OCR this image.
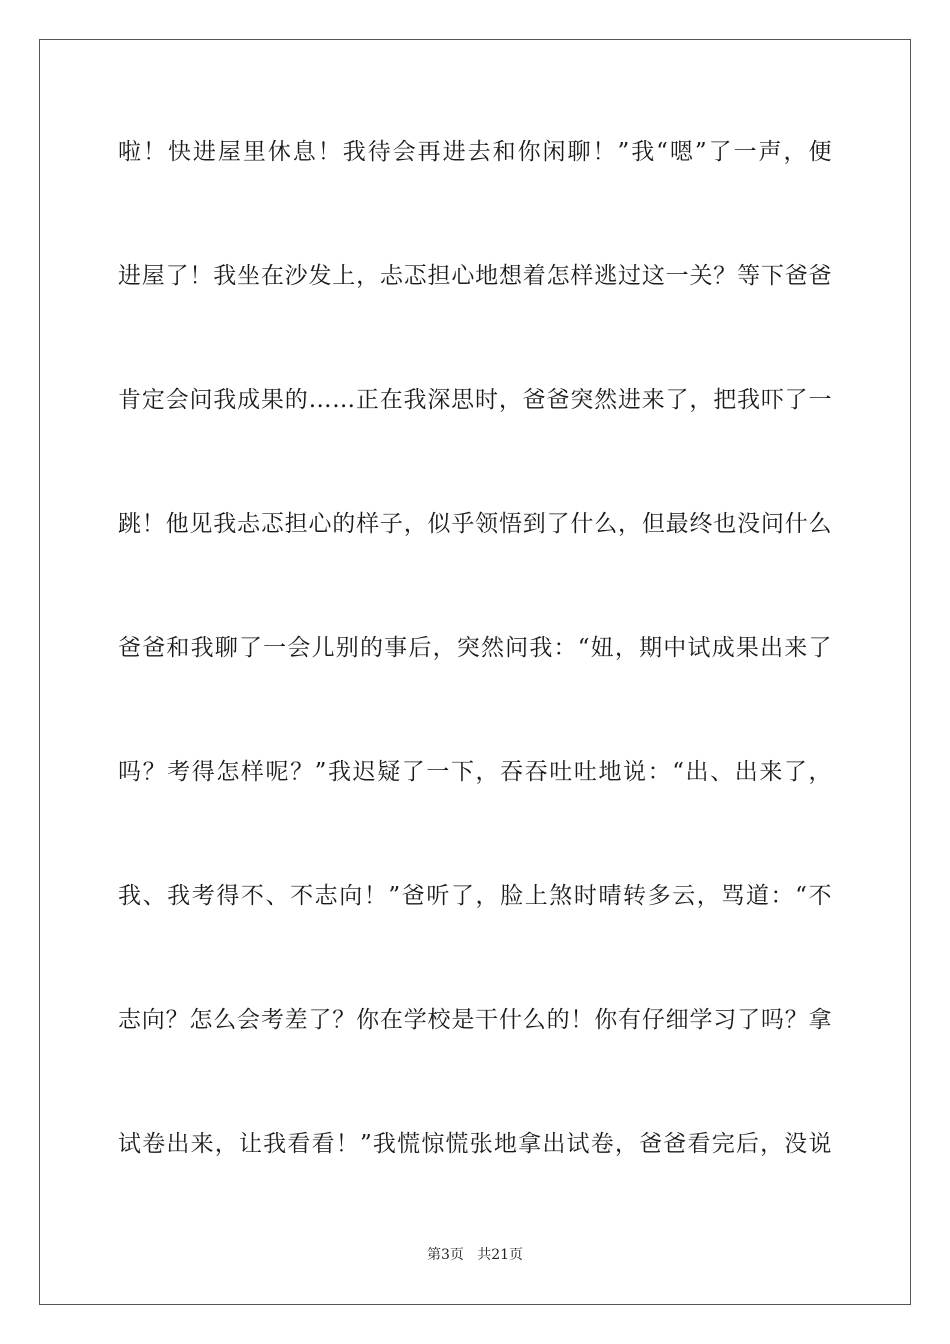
啦！快进屋里休息！我待会再进去和你闲聊！”我“嗯”了一声，便
进屋了！我坐在沙发上，忐忑担心地想着怎样逃过这一关？等下爸爸
肯定会问我成果的……正在我深思时，爸爸突然进来了，把我吓了一
跳！他见我忐忑担心的样子，似乎领悟到了什么，但最终也没问什么
爸爸和我聊了一会儿别的事后，突然问我：“妞，期中试成果出来了
吗？考得怎样呢？”我迟疑了一下，吞吞吐吐地说：“出、出来了，
我、我考得不、不志向！”爸听了，脸上煞时晴转多云，骂道：“不
志向？怎么会考差了？你在学校是干什么的！你有仔细学习了吗？拿
试卷出来，让我看看！”我慌惊慌张地拿出试卷，爸爸看完后，没说
第3页   共21页
